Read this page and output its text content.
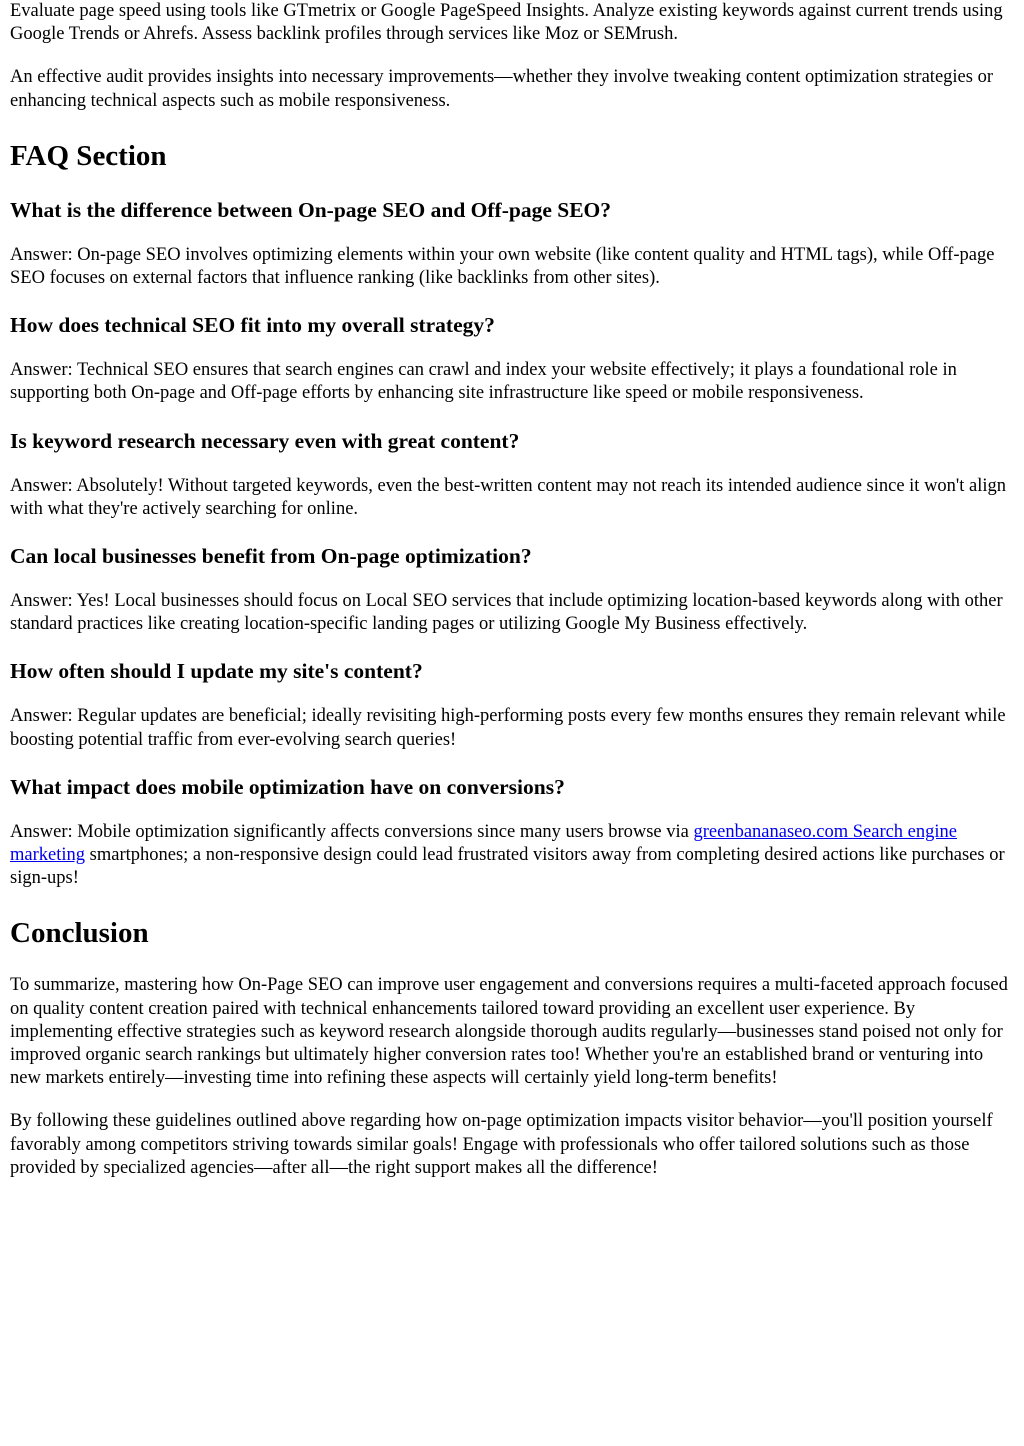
Evaluate page speed using tools like GTmetrix or Google PageSpeed Insights. Analyze existing keywords against current trends using Google Trends or Ahrefs. Assess backlink profiles through services like Moz or SEMrush.

An effective audit provides insights into necessary improvements—whether they involve tweaking content optimization strategies or enhancing technical aspects such as mobile responsiveness.

FAQ Section
What is the difference between On-page SEO and Off-page SEO?

Answer: On-page SEO involves optimizing elements within your own website (like content quality and HTML tags), while Off-page SEO focuses on external factors that influence ranking (like backlinks from other sites).

How does technical SEO fit into my overall strategy?

Answer: Technical SEO ensures that search engines can crawl and index your website effectively; it plays a foundational role in supporting both On-page and Off-page efforts by enhancing site infrastructure like speed or mobile responsiveness.

Is keyword research necessary even with great content?

Answer: Absolutely! Without targeted keywords, even the best-written content may not reach its intended audience since it won't align with what they're actively searching for online.

Can local businesses benefit from On-page optimization?

Answer: Yes! Local businesses should focus on Local SEO services that include optimizing location-based keywords along with other standard practices like creating location-specific landing pages or utilizing Google My Business effectively.

How often should I update my site's content?

Answer: Regular updates are beneficial; ideally revisiting high-performing posts every few months ensures they remain relevant while boosting potential traffic from ever-evolving search queries!

What impact does mobile optimization have on conversions?

Answer: Mobile optimization significantly affects conversions since many users browse via greenbananaseo.com Search engine marketing smartphones; a non-responsive design could lead frustrated visitors away from completing desired actions like purchases or sign-ups!

Conclusion

To summarize, mastering how On-Page SEO can improve user engagement and conversions requires a multi-faceted approach focused on quality content creation paired with technical enhancements tailored toward providing an excellent user experience. By implementing effective strategies such as keyword research alongside thorough audits regularly—businesses stand poised not only for improved organic search rankings but ultimately higher conversion rates too! Whether you're an established brand or venturing into new markets entirely—investing time into refining these aspects will certainly yield long-term benefits!

By following these guidelines outlined above regarding how on-page optimization impacts visitor behavior—you'll position yourself favorably among competitors striving towards similar goals! Engage with professionals who offer tailored solutions such as those provided by specialized agencies—after all—the right support makes all the difference!
